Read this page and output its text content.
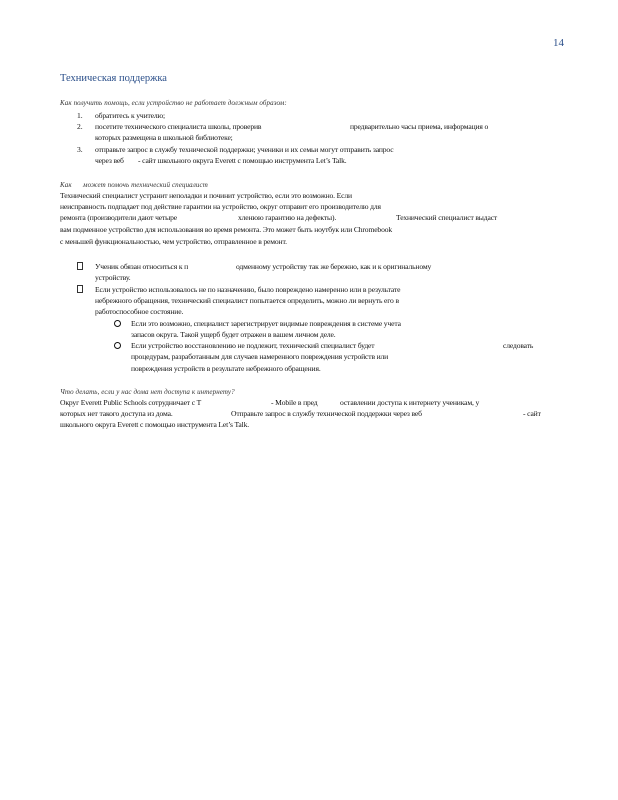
14
Техническая поддержка
Как получить помощь, если устройство не работает должным образом:
1. обратитесь к учителю;
2. посетите технического специалиста школы, проверив	предварительно часы приема, информация о
которых размещена в школьной библиотеке;
3. отправьте запрос в службу технической поддержки; ученики и их семьи могут отправить запрос
через веб - сайт школьного округа Everett с помощью инструмента Let’s Talk.
Как может помочь технический специалист
Технический специалист устранит неполадки и починит устройство, если это возможно. Если
неисправность подпадает под действие гарантии на устройство, округ отправит его производителю для
ремонта (производители дают четыре	хленюю гарантию на дефекты).	Технический специалист выдаст
вам подменное устройство для использования во время ремонта. Это может быть ноутбук или Chromebook
с меньшей функциональностью, чем устройство, отправленное в ремонт.
Ученик обязан относиться к п	одменному устройству так же бережно, как и к оригинальному
устройству.
Если устройство использовалось не по назначению, было повреждено намеренно или в результате
небрежного обращения, технический специалист попытается определить, можно ли вернуть его в
работоспособное состояние.
Если это возможно, специалист зарегистрирует видимые повреждения в системе учета
запасов округа. Такой ущерб будет отражен в вашем личном деле.
Если устройство восстановлению не подлежит, технический специалист будет	следовать
процедурам, разработанным для случаев намеренного повреждения устройств или
повреждения устройств в результате небрежного обращения.
Что делать, если у нас дома нет доступа к интернету?
Округ Everett Public Schools сотрудничает с T	- Mobile в пред	оставлении доступа к интернету ученикам, у
которых нет такого доступа из дома.	Отправьте запрос в службу технической поддержки через веб	- сайт
школьного округа Everett с помощью инструмента Let’s Talk.
